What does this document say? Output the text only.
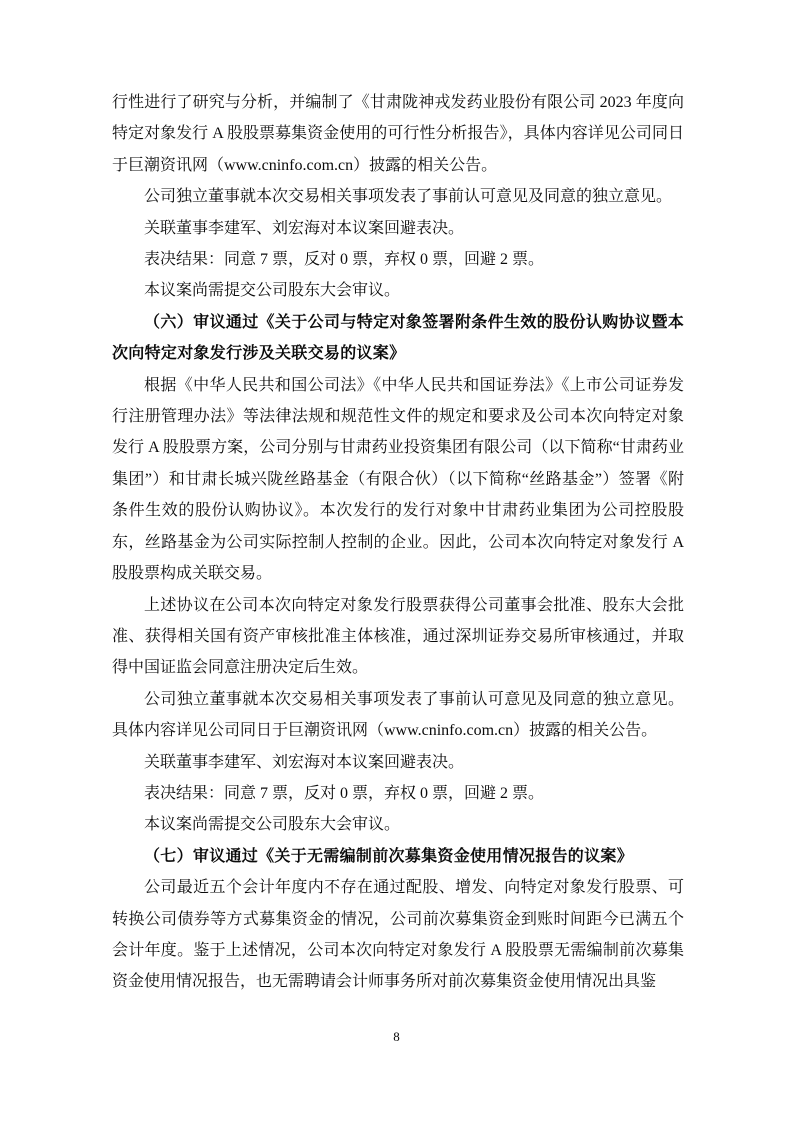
行性进行了研究与分析，并编制了《甘肃陇神戎发药业股份有限公司 2023 年度向特定对象发行 A 股股票募集资金使用的可行性分析报告》，具体内容详见公司同日于巨潮资讯网（www.cninfo.com.cn）披露的相关公告。

公司独立董事就本次交易相关事项发表了事前认可意见及同意的独立意见。

关联董事李建军、刘宏海对本议案回避表决。

表决结果：同意 7 票，反对 0 票，弃权 0 票，回避 2 票。

本议案尚需提交公司股东大会审议。

（六）审议通过《关于公司与特定对象签署附条件生效的股份认购协议暨本次向特定对象发行涉及关联交易的议案》

根据《中华人民共和国公司法》《中华人民共和国证券法》《上市公司证券发行注册管理办法》等法律法规和规范性文件的规定和要求及公司本次向特定对象发行 A 股股票方案，公司分别与甘肃药业投资集团有限公司（以下简称“甘肃药业集团”）和甘肃长城兴陇丝路基金（有限合伙）（以下简称“丝路基金”）签署《附条件生效的股份认购协议》。本次发行的发行对象中甘肃药业集团为公司控股股东，丝路基金为公司实际控制人控制的企业。因此，公司本次向特定对象发行 A 股股票构成关联交易。

上述协议在公司本次向特定对象发行股票获得公司董事会批准、股东大会批准、获得相关国有资产审核批准主体核准，通过深圳证券交易所审核通过，并取得中国证监会同意注册决定后生效。

公司独立董事就本次交易相关事项发表了事前认可意见及同意的独立意见。具体内容详见公司同日于巨潮资讯网（www.cninfo.com.cn）披露的相关公告。

关联董事李建军、刘宏海对本议案回避表决。

表决结果：同意 7 票，反对 0 票，弃权 0 票，回避 2 票。

本议案尚需提交公司股东大会审议。

（七）审议通过《关于无需编制前次募集资金使用情况报告的议案》

公司最近五个会计年度内不存在通过配股、增发、向特定对象发行股票、可转换公司债券等方式募集资金的情况，公司前次募集资金到账时间距今已满五个会计年度。鉴于上述情况，公司本次向特定对象发行 A 股股票无需编制前次募集资金使用情况报告，也无需聘请会计师事务所对前次募集资金使用情况出具鉴

8
